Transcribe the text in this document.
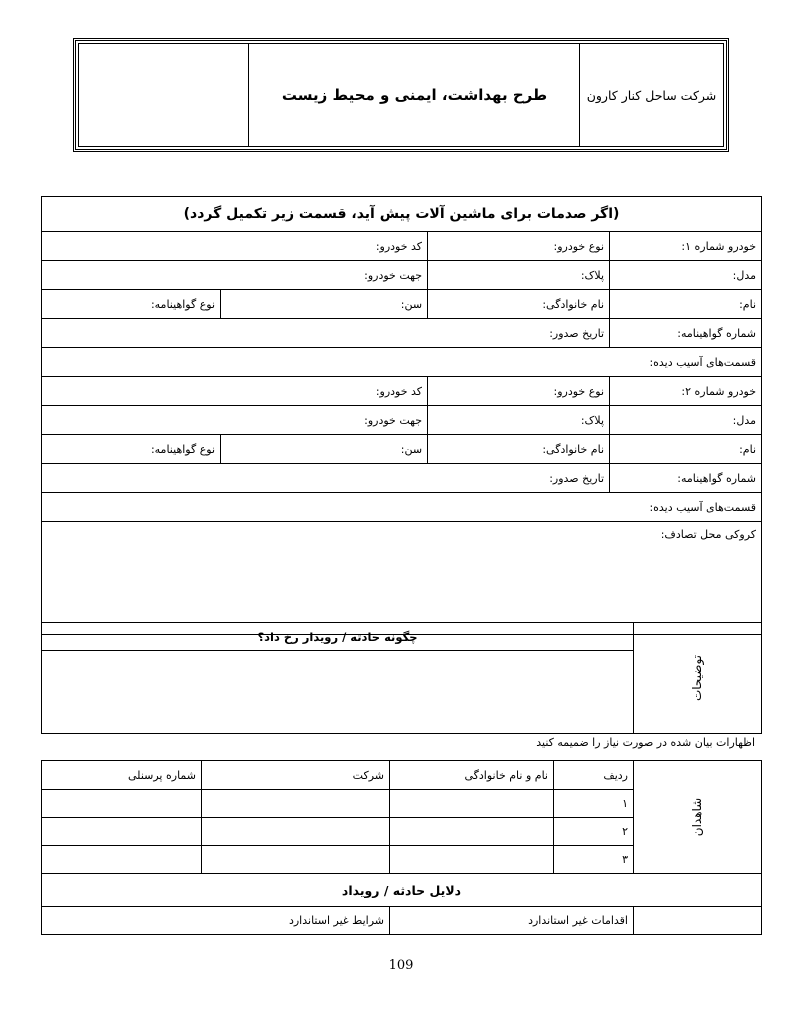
طرح بهداشت، ایمنی و محیط زیست	شرکت ساحل کنار کارون
(اگر صدمات برای ماشین آلات پیش آید، قسمت زیر تکمیل گردد)			
خودرو شماره ۱:	نوع خودرو:	کد خودرو:	
مدل:	پلاک:	جهت خودرو:	
نام:	نام خانوادگی:	سن:	نوع گواهینامه:
شماره گواهینامه:	تاریخ صدور:		
قسمت‌های آسیب دیده:			
خودرو شماره ۲:	نوع خودرو:	کد خودرو:	
مدل:	پلاک:	جهت خودرو:	
نام:	نام خانوادگی:	سن:	نوع گواهینامه:
شماره گواهینامه:	تاریخ صدور:		
قسمت‌های آسیب دیده:			
کروکی محل تصادف:			
توضیحات	چگونه حادثه / رویدار رخ داد؟

اظهارات بیان شده در صورت نیاز را ضمیمه کنید
شاهدان	ردیف	نام و نام خانوادگی	شرکت	شماره پرسنلی
	۱			
	۲			
	۳			
دلایل حادثه / رویداد				
	اقدامات غیر استاندارد		شرایط غیر استاندارد	
109
